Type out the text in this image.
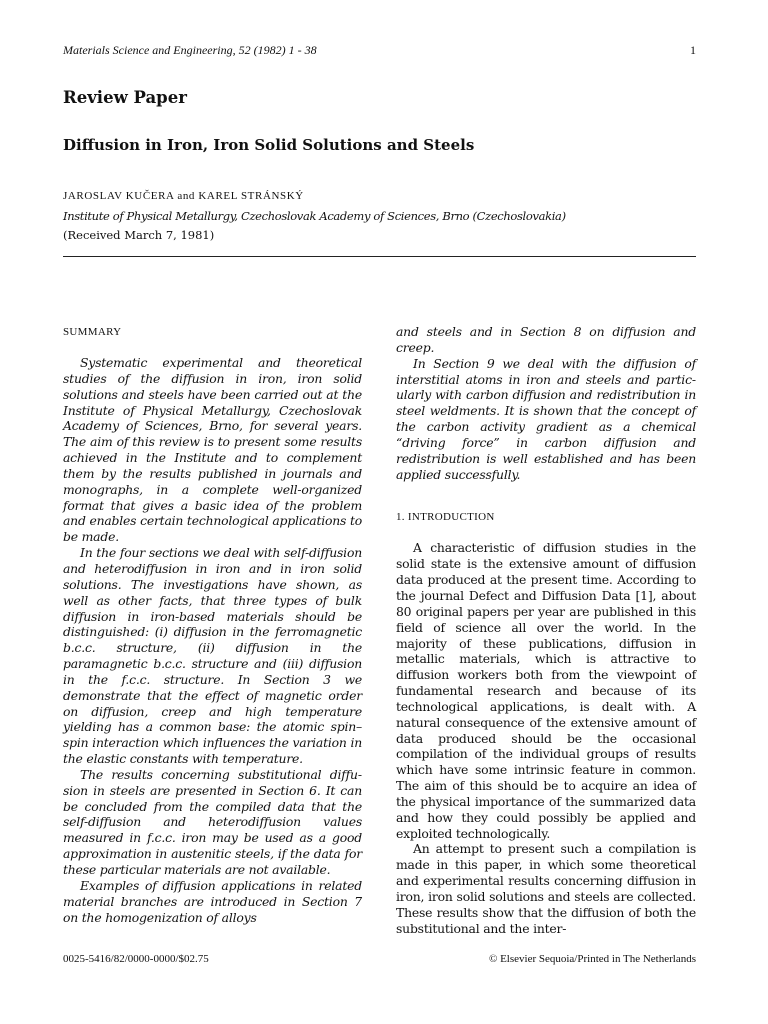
Materials Science and Engineering, 52 (1982) 1 - 38	1
Review Paper
Diffusion in Iron, Iron Solid Solutions and Steels
JAROSLAV KUČERA and KAREL STRÁNSKÝ
Institute of Physical Metallurgy, Czechoslovak Academy of Sciences, Brno (Czechoslovakia)
(Received March 7, 1981)
SUMMARY

Systematic experimental and theoretical studies of the diffusion in iron, iron solid solutions and steels have been carried out at the Institute of Physical Metallurgy, Czechoslovak Academy of Sciences, Brno, for several years. The aim of this review is to present some results achieved in the Institute and to complement them by the results published in journals and monographs, in a complete well-organized format that gives a basic idea of the problem and enables certain technological applications to be made.

In the four sections we deal with self-diffusion and heterodiffusion in iron and in iron solid solutions. The investigations have shown, as well as other facts, that three types of bulk diffusion in iron-based materials should be distinguished: (i) diffusion in the ferromagnetic b.c.c. structure, (ii) diffusion in the paramagnetic b.c.c. structure and (iii) diffusion in the f.c.c. structure. In Section 3 we demonstrate that the effect of magnetic order on diffusion, creep and high temperature yielding has a common base: the atomic spin–spin interaction which influences the variation in the elastic constants with temperature.

The results concerning substitutional diffusion in steels are presented in Section 6. It can be concluded from the compiled data that the self-diffusion and heterodiffusion values measured in f.c.c. iron may be used as a good approximation in austenitic steels, if the data for these particular materials are not available.

Examples of diffusion applications in related material branches are introduced in Section 7 on the homogenization of alloys

and steels and in Section 8 on diffusion and creep.

In Section 9 we deal with the diffusion of interstitial atoms in iron and steels and particularly with carbon diffusion and redistribution in steel weldments. It is shown that the concept of the carbon activity gradient as a chemical “driving force” in carbon diffusion and redistribution is well established and has been applied successfully.

1. INTRODUCTION

A characteristic of diffusion studies in the solid state is the extensive amount of diffusion data produced at the present time. According to the journal Defect and Diffusion Data [1], about 80 original papers per year are published in this field of science all over the world. In the majority of these publications, diffusion in metallic materials, which is attractive to diffusion workers both from the viewpoint of fundamental research and because of its technological applications, is dealt with. A natural consequence of the extensive amount of data produced should be the occasional compilation of the individual groups of results which have some intrinsic feature in common. The aim of this should be to acquire an idea of the physical importance of the summarized data and how they could possibly be applied and exploited technologically.

An attempt to present such a compilation is made in this paper, in which some theoretical and experimental results concerning diffusion in iron, iron solid solutions and steels are collected. These results show that the diffusion of both the substitutional and the inter-

0025-5416/82/0000-0000/$02.75	© Elsevier Sequoia/Printed in The Netherlands
